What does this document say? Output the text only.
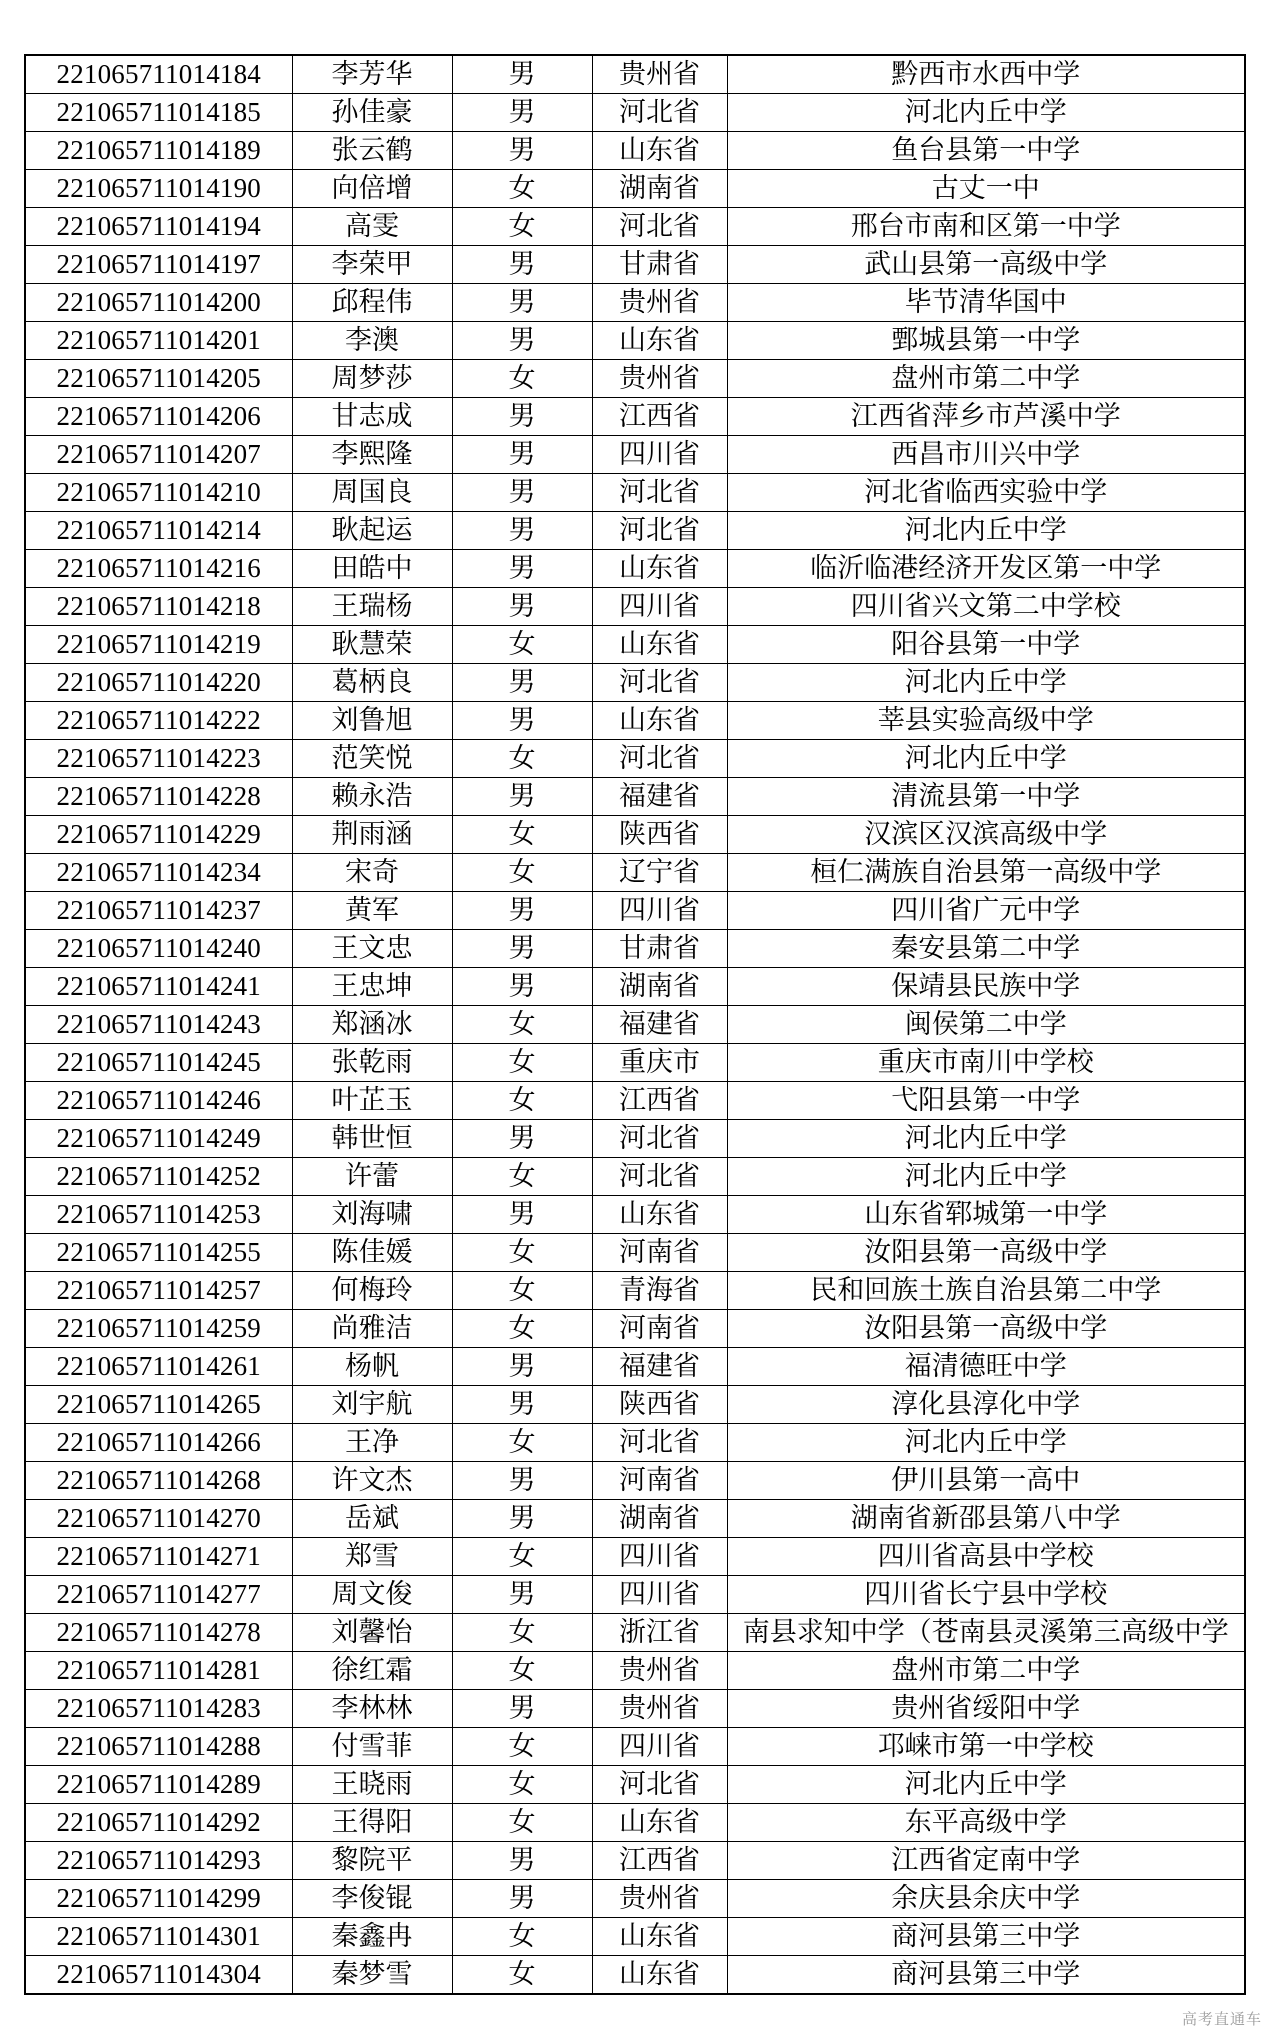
221065711014184	李芳华	男	贵州省	黔西市水西中学
221065711014185	孙佳豪	男	河北省	河北内丘中学
221065711014189	张云鹤	男	山东省	鱼台县第一中学
221065711014190	向倍增	女	湖南省	古丈一中
221065711014194	高雯	女	河北省	邢台市南和区第一中学
221065711014197	李荣甲	男	甘肃省	武山县第一高级中学
221065711014200	邱程伟	男	贵州省	毕节清华国中
221065711014201	李澳	男	山东省	鄄城县第一中学
221065711014205	周梦莎	女	贵州省	盘州市第二中学
221065711014206	甘志成	男	江西省	江西省萍乡市芦溪中学
221065711014207	李熙隆	男	四川省	西昌市川兴中学
221065711014210	周国良	男	河北省	河北省临西实验中学
221065711014214	耿起运	男	河北省	河北内丘中学
221065711014216	田皓中	男	山东省	临沂临港经济开发区第一中学
221065711014218	王瑞杨	男	四川省	四川省兴文第二中学校
221065711014219	耿慧荣	女	山东省	阳谷县第一中学
221065711014220	葛柄良	男	河北省	河北内丘中学
221065711014222	刘鲁旭	男	山东省	莘县实验高级中学
221065711014223	范笑悦	女	河北省	河北内丘中学
221065711014228	赖永浩	男	福建省	清流县第一中学
221065711014229	荆雨涵	女	陕西省	汉滨区汉滨高级中学
221065711014234	宋奇	女	辽宁省	桓仁满族自治县第一高级中学
221065711014237	黄军	男	四川省	四川省广元中学
221065711014240	王文忠	男	甘肃省	秦安县第二中学
221065711014241	王忠坤	男	湖南省	保靖县民族中学
221065711014243	郑涵冰	女	福建省	闽侯第二中学
221065711014245	张乾雨	女	重庆市	重庆市南川中学校
221065711014246	叶芷玉	女	江西省	弋阳县第一中学
221065711014249	韩世恒	男	河北省	河北内丘中学
221065711014252	许蕾	女	河北省	河北内丘中学
221065711014253	刘海啸	男	山东省	山东省郓城第一中学
221065711014255	陈佳媛	女	河南省	汝阳县第一高级中学
221065711014257	何梅玲	女	青海省	民和回族土族自治县第二中学
221065711014259	尚雅洁	女	河南省	汝阳县第一高级中学
221065711014261	杨帆	男	福建省	福清德旺中学
221065711014265	刘宇航	男	陕西省	淳化县淳化中学
221065711014266	王净	女	河北省	河北内丘中学
221065711014268	许文杰	男	河南省	伊川县第一高中
221065711014270	岳斌	男	湖南省	湖南省新邵县第八中学
221065711014271	郑雪	女	四川省	四川省高县中学校
221065711014277	周文俊	男	四川省	四川省长宁县中学校
221065711014278	刘馨怡	女	浙江省	南县求知中学（苍南县灵溪第三高级中学
221065711014281	徐红霜	女	贵州省	盘州市第二中学
221065711014283	李林林	男	贵州省	贵州省绥阳中学
221065711014288	付雪菲	女	四川省	邛崃市第一中学校
221065711014289	王晓雨	女	河北省	河北内丘中学
221065711014292	王得阳	女	山东省	东平高级中学
221065711014293	黎院平	男	江西省	江西省定南中学
221065711014299	李俊锟	男	贵州省	余庆县余庆中学
221065711014301	秦鑫冉	女	山东省	商河县第三中学
221065711014304	秦梦雪	女	山东省	商河县第三中学
高考直通车
